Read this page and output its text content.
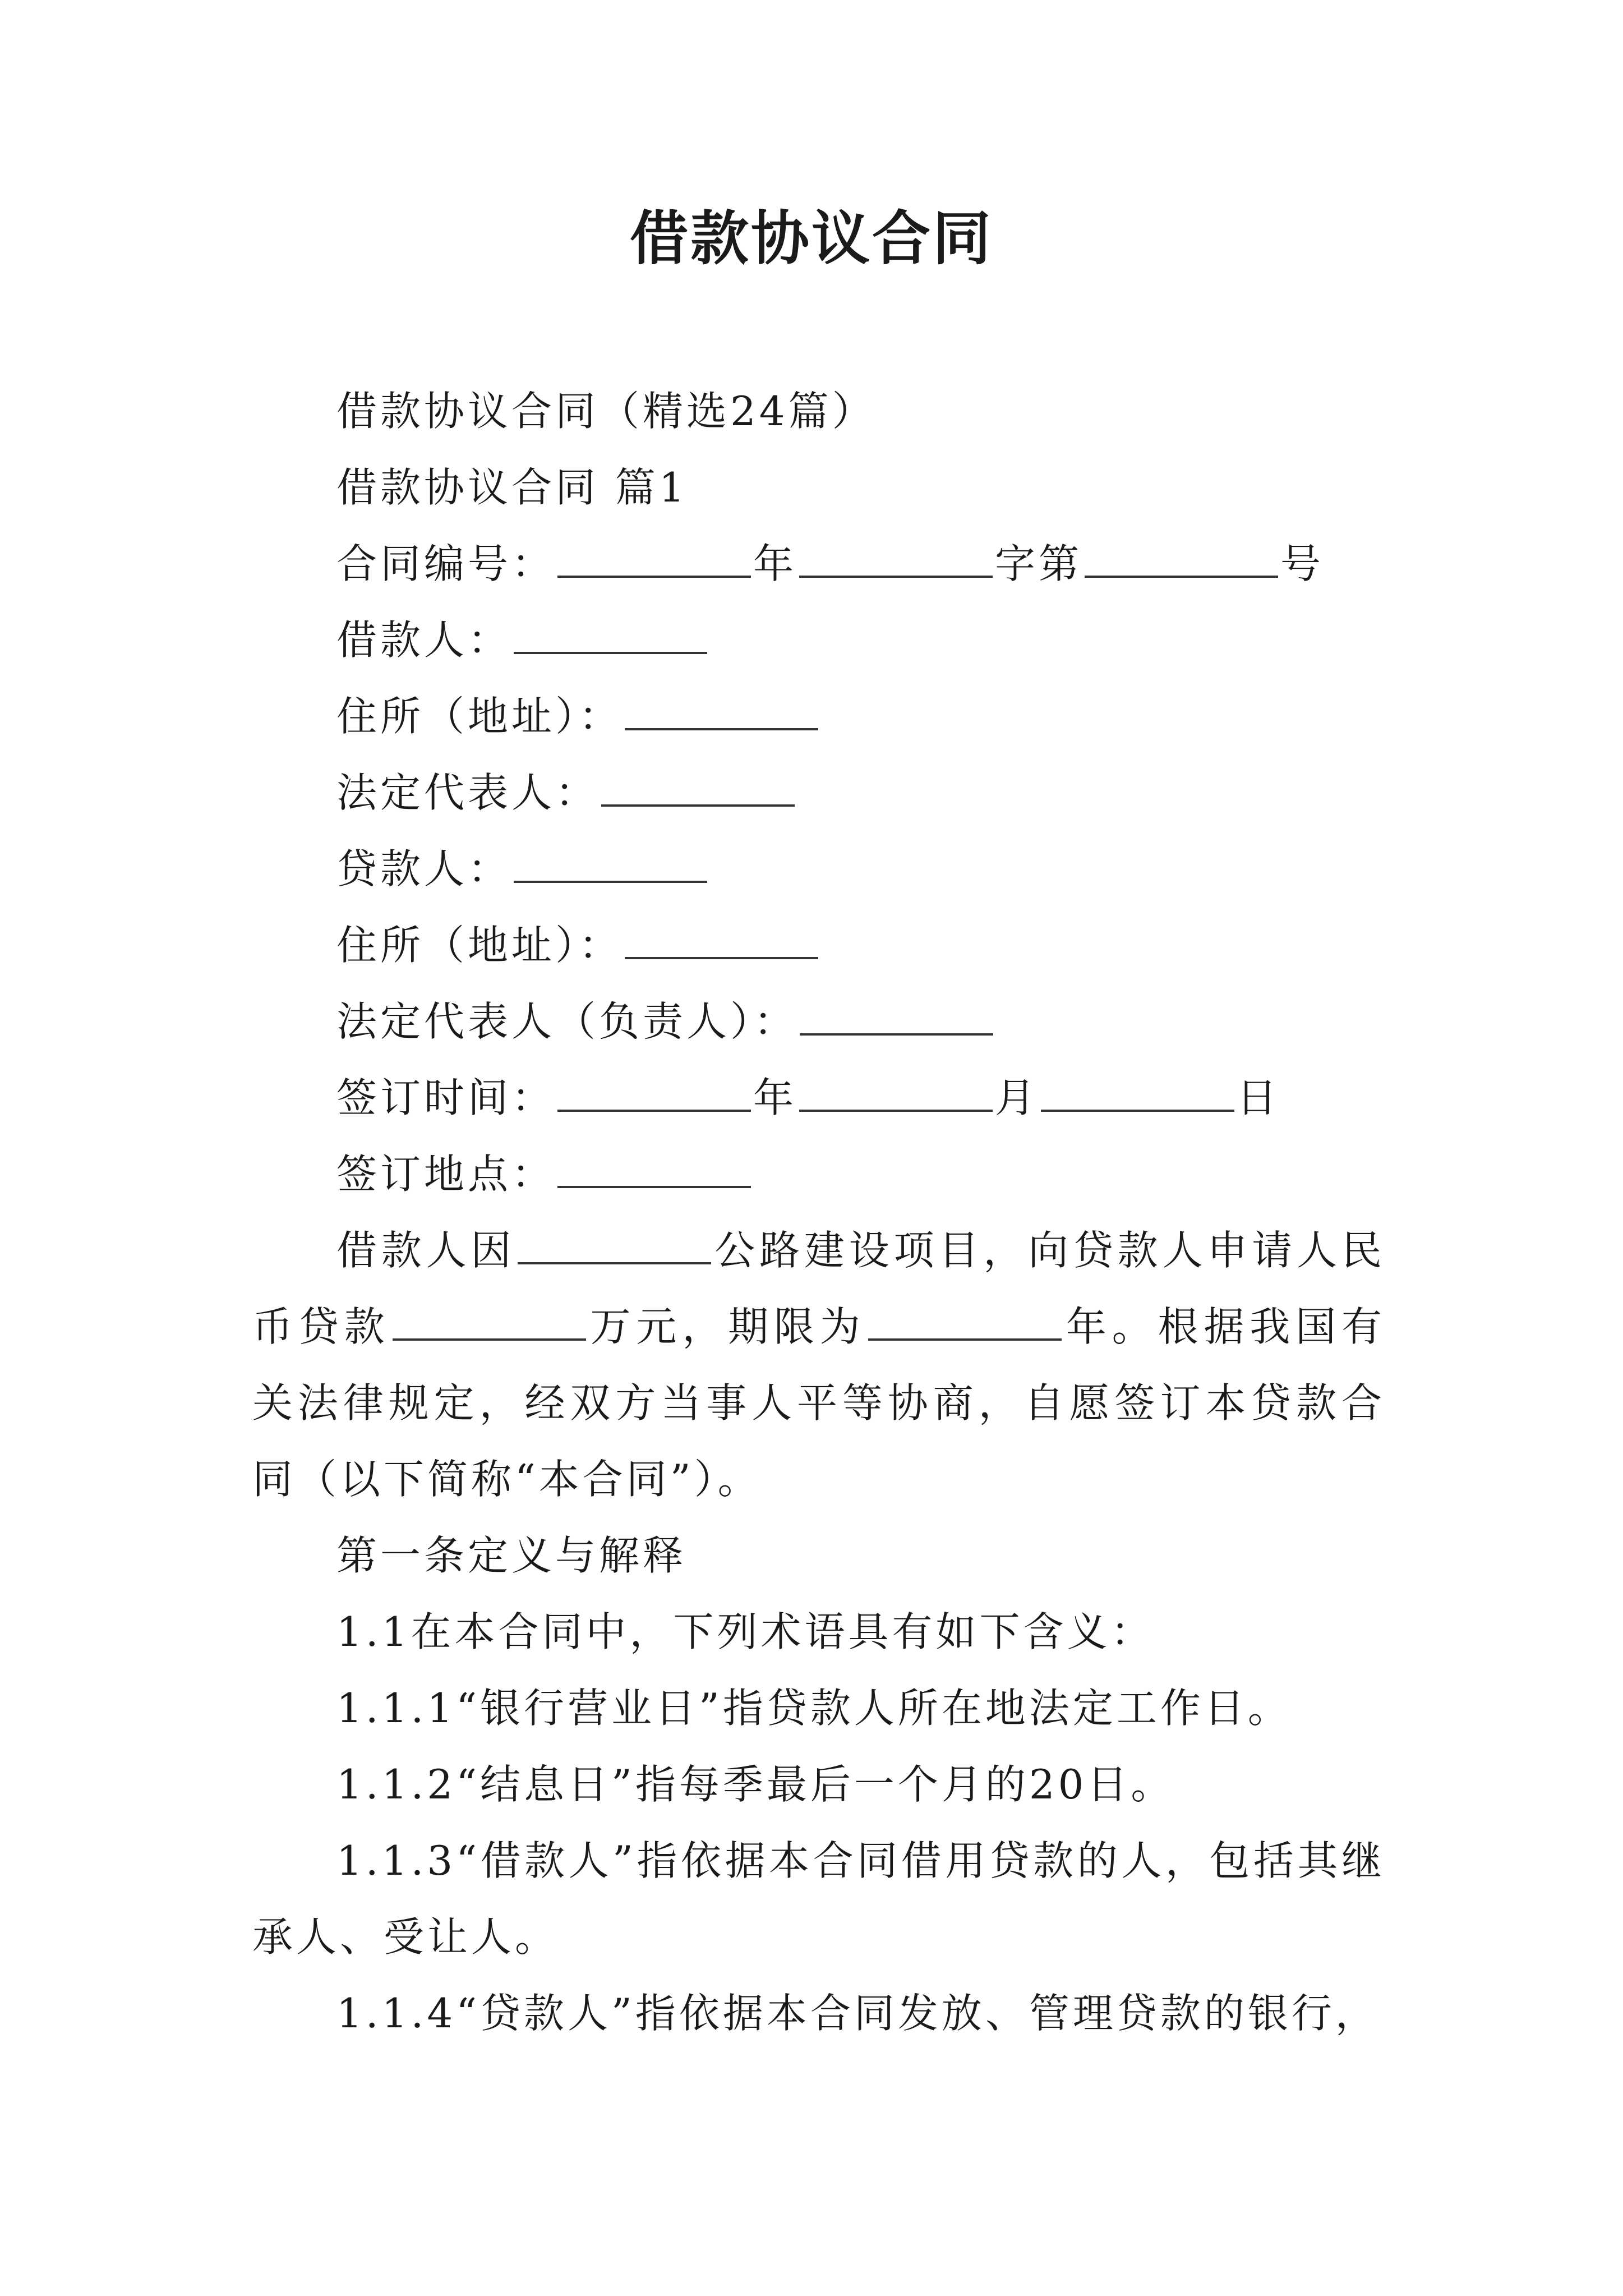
借款协议合同

借款协议合同（精选24篇）

借款协议合同 篇1

合同编号：	年	字第	号

借款人：

住所（地址）：

法定代表人：

贷款人：

住所（地址）：

法定代表人（负责人）：

签订时间：	年	月	日

签订地点：

借款人因	公路建设项目，向贷款人申请人民币贷款	万元，期限为	年。根据我国有关法律规定，经双方当事人平等协商，自愿签订本贷款合同（以下简称“本合同”）。

第一条定义与解释

1.1在本合同中，下列术语具有如下含义：

1.1.1“银行营业日”指贷款人所在地法定工作日。

1.1.2“结息日”指每季最后一个月的20日。

1.1.3“借款人”指依据本合同借用贷款的人，包括其继承人、受让人。

1.1.4“贷款人”指依据本合同发放、管理贷款的银行，
